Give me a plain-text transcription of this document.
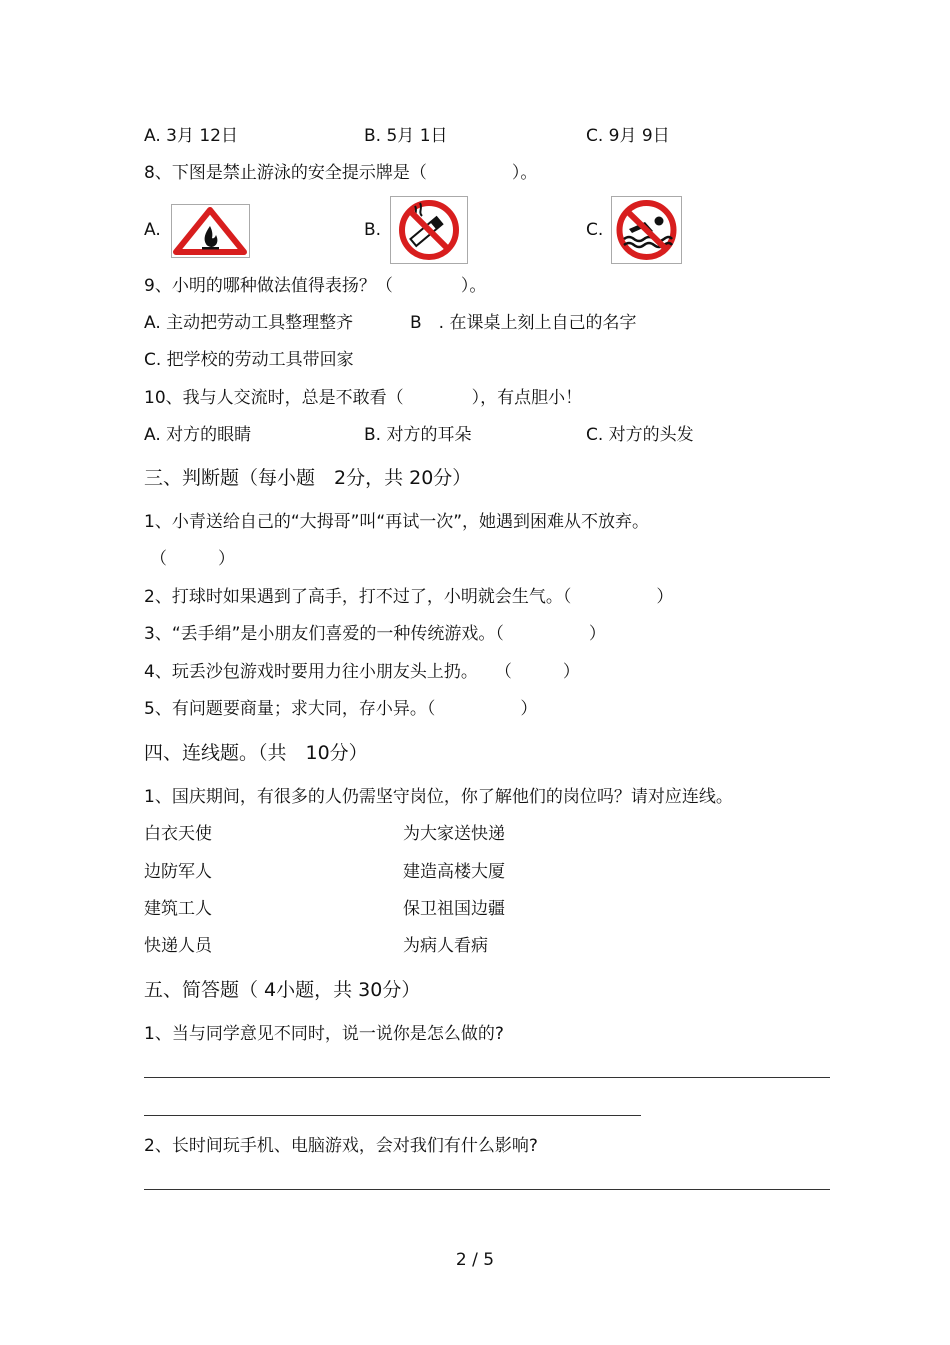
A. 3月 12日	B. 5月 1日	C. 9月 9日
8、下图是禁止游泳的安全提示牌是（　　　　　）。
A.	B.	C.
9、小明的哪种做法值得表扬？（　　　　）。
A. 主动把劳动工具整理整齐	B　. 在课桌上刻上自己的名字
C. 把学校的劳动工具带回家
10、我与人交流时，总是不敢看（　　　　），有点胆小！
A. 对方的眼睛	B. 对方的耳朵	C. 对方的头发
三、判断题（每小题　2分，共 20分）
1、小青送给自己的“大拇哥”叫“再试一次”，她遇到困难从不放弃。
（　　　）
2、打球时如果遇到了高手，打不过了，小明就会生气。（　　　　　）
3、“丢手绢”是小朋友们喜爱的一种传统游戏。（　　　　　）
4、玩丢沙包游戏时要用力往小朋友头上扔。　　（　　　）
5、有问题要商量；求大同，存小异。（　　　　　）
四、连线题。（共　10分）
1、国庆期间，有很多的人仍需坚守岗位，你了解他们的岗位吗？请对应连线。
白衣天使	为大家送快递
边防军人	建造高楼大厦
建筑工人	保卫祖国边疆
快递人员	为病人看病
五、简答题（ 4小题，共 30分）
1、当与同学意见不同时，说一说你是怎么做的?
2、长时间玩手机、电脑游戏，会对我们有什么影响?
2 / 5
